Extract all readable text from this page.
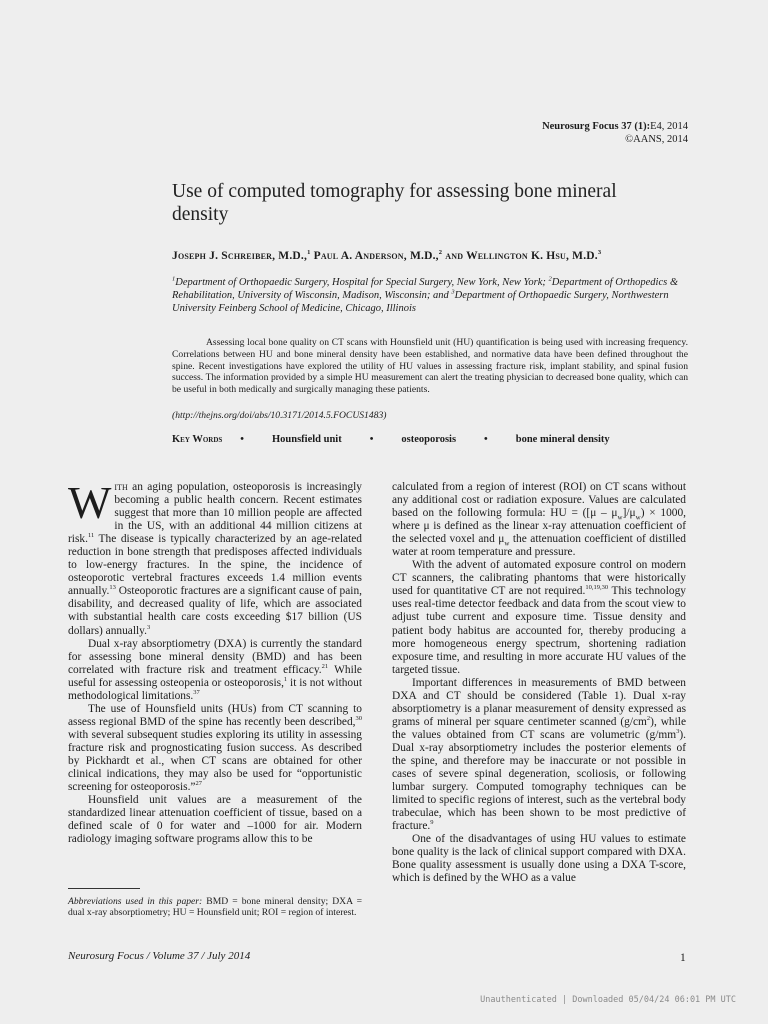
Neurosurg Focus 37 (1):E4, 2014
©AANS, 2014
Use of computed tomography for assessing bone mineral density
Joseph J. Schreiber, M.D.,$^1$ Paul A. Anderson, M.D.,$^2$ and Wellington K. Hsu, M.D.$^3$
$^1$Department of Orthopaedic Surgery, Hospital for Special Surgery, New York, New York; $^2$Department of Orthopedics & Rehabilitation, University of Wisconsin, Madison, Wisconsin; and $^3$Department of Orthopaedic Surgery, Northwestern University Feinberg School of Medicine, Chicago, Illinois
Assessing local bone quality on CT scans with Hounsfield unit (HU) quantification is being used with increasing frequency. Correlations between HU and bone mineral density have been established, and normative data have been defined throughout the spine. Recent investigations have explored the utility of HU values in assessing fracture risk, implant stability, and spinal fusion success. The information provided by a simple HU measurement can alert the treating physician to decreased bone quality, which can be useful in both medically and surgically managing these patients.
(http://thejns.org/doi/abs/10.3171/2014.5.FOCUS1483)
Key Words •	Hounsfield unit	•	osteoporosis	•	bone mineral density

With an aging population, osteoporosis is increasingly becoming a public health concern. Recent estimates suggest that more than 10 million people are affected in the US, with an additional 44 million citizens at risk.$^{11}$ The disease is typically characterized by an age-related reduction in bone strength that predisposes affected individuals to low-energy fractures. In the spine, the incidence of osteoporotic vertebral fractures exceeds 1.4 million events annually.$^{13}$ Osteoporotic fractures are a significant cause of pain, disability, and decreased quality of life, which are associated with substantial health care costs exceeding $17 billion (US dollars) annually.$^3$

Dual x-ray absorptiometry (DXA) is currently the standard for assessing bone mineral density (BMD) and has been correlated with fracture risk and treatment efficacy.$^{21}$ While useful for assessing osteopenia or osteoporosis,$^1$ it is not without methodological limitations.$^{37}$

The use of Hounsfield units (HUs) from CT scanning to assess regional BMD of the spine has recently been described,$^{30}$ with several subsequent studies exploring its utility in assessing fracture risk and prognosticating fusion success. As described by Pickhardt et al., when CT scans are obtained for other clinical indications, they may also be used for “opportunistic screening for osteoporosis.”$^{27}$

Hounsfield unit values are a measurement of the standardized linear attenuation coefficient of tissue, based on a defined scale of 0 for water and –1000 for air. Modern radiology imaging software programs allow this to be

calculated from a region of interest (ROI) on CT scans without any additional cost or radiation exposure. Values are calculated based on the following formula: HU = $([\mu - \mu_w]/\mu_w) \times 1000$, where μ is defined as the linear x-ray attenuation coefficient of the selected voxel and $\mu_w$ the attenuation coefficient of distilled water at room temperature and pressure.

With the advent of automated exposure control on modern CT scanners, the calibrating phantoms that were historically used for quantitative CT are not required.$^{10,19,30}$ This technology uses real-time detector feedback and data from the scout view to adjust tube current and exposure time. Tissue density and patient body habitus are accounted for, thereby producing a more homogeneous energy spectrum, shortening radiation exposure time, and resulting in more accurate HU values of the targeted tissue.

Important differences in measurements of BMD between DXA and CT should be considered (Table 1). Dual x-ray absorptiometry is a planar measurement of density expressed as grams of mineral per square centimeter scanned $(g/cm^2)$, while the values obtained from CT scans are volumetric $(g/mm^3)$. Dual x-ray absorptiometry includes the posterior elements of the spine, and therefore may be inaccurate or not possible in cases of severe spinal degeneration, scoliosis, or following lumbar surgery. Computed tomography techniques can be limited to specific regions of interest, such as the vertebral body trabeculae, which has been shown to be most predictive of fracture.$^9$

One of the disadvantages of using HU values to estimate bone quality is the lack of clinical support compared with DXA. Bone quality assessment is usually done using a DXA T-score, which is defined by the WHO as a value

Abbreviations used in this paper: BMD = bone mineral density; DXA = dual x-ray absorptiometry; HU = Hounsfield unit; ROI = region of interest.
Neurosurg Focus / Volume 37 / July 2014	1
Unauthenticated | Downloaded 05/04/24 06:01 PM UTC
